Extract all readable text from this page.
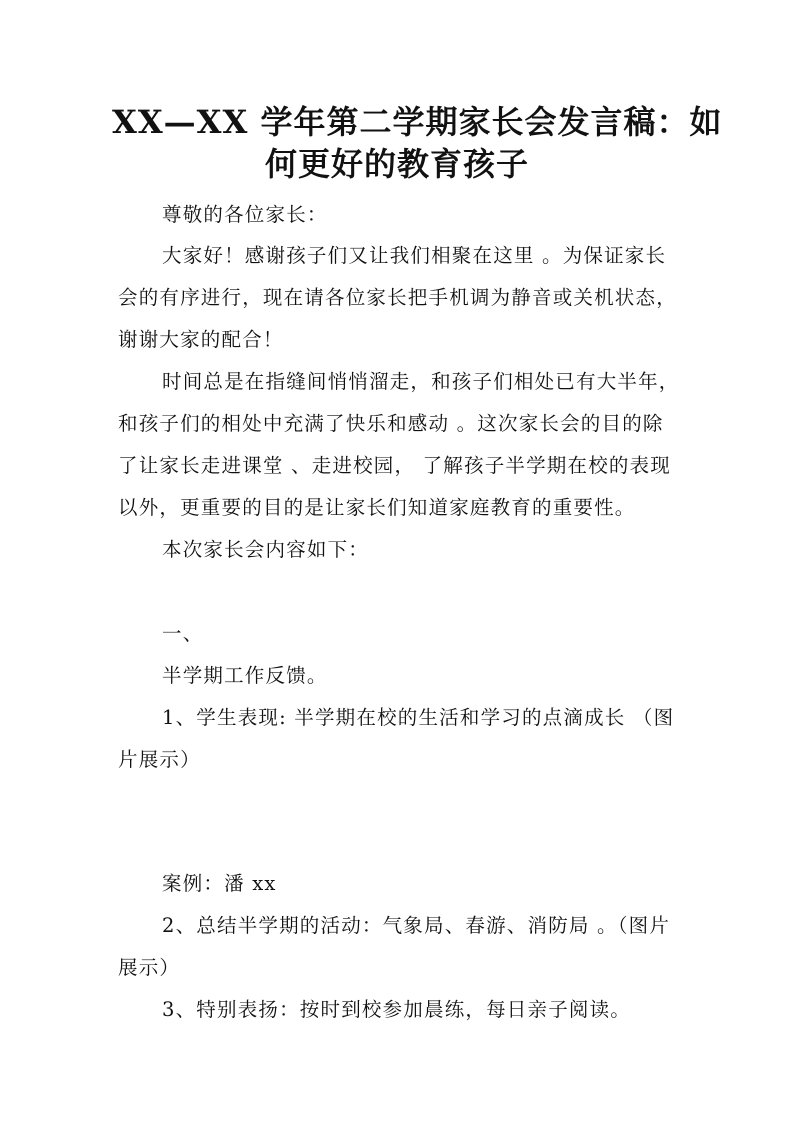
XX—XX 学年第二学期家长会发言稿：如
何更好的教育孩子

尊敬的各位家长：

大家好！感谢孩子们又让我们相聚在这里 。为保证家长

会的有序进行，现在请各位家长把手机调为静音或关机状态，

谢谢大家的配合！

时间总是在指缝间悄悄溜走，和孩子们相处已有大半年，

和孩子们的相处中充满了快乐和感动 。这次家长会的目的除

了让家长走进课堂 、走进校园， 了解孩子半学期在校的表现

以外，更重要的目的是让家长们知道家庭教育的重要性。

本次家长会内容如下：

一、

半学期工作反馈。

1、学生表现: 半学期在校的生活和学习的点滴成长 （图

片展示）

案例：潘 xx

2、总结半学期的活动：气象局、春游、消防局 。（图片

展示）

3、特别表扬：按时到校参加晨练，每日亲子阅读。
